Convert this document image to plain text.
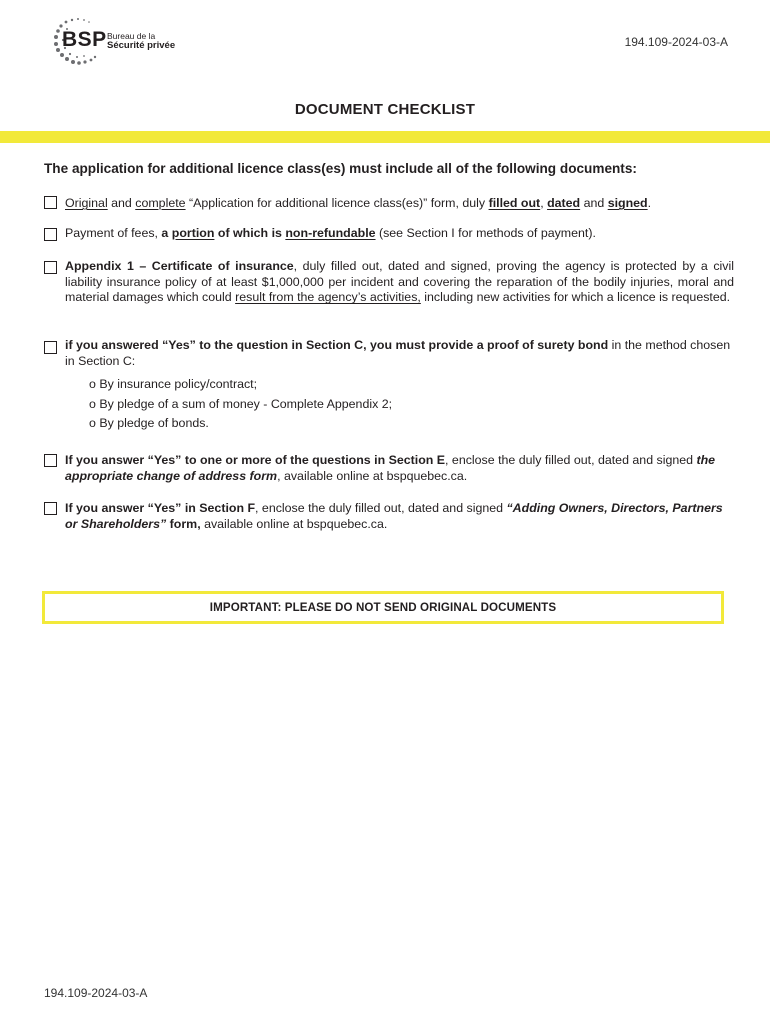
BSP Bureau de la
Sécurité privée	194.109-2024-03-A
DOCUMENT CHECKLIST
The application for additional licence class(es) must include all of the following documents:
Original and complete “Application for additional licence class(es)” form, duly filled out, dated and signed.
Payment of fees, a portion of which is non-refundable (see Section I for methods of payment).
Appendix 1 – Certificate of insurance, duly filled out, dated and signed, proving the agency is protected by a civil liability insurance policy of at least $1,000,000 per incident and covering the reparation of the bodily injuries, moral and material damages which could result from the agency’s activities, including new activities for which a licence is requested.
if you answered “Yes” to the question in Section C, you must provide a proof of surety bond in the method chosen in Section C:
o By insurance policy/contract;
o By pledge of a sum of money - Complete Appendix 2;
o By pledge of bonds.
If you answer “Yes” to one or more of the questions in Section E, enclose the duly filled out, dated and signed the appropriate change of address form, available online at bspquebec.ca.
If you answer “Yes” in Section F, enclose the duly filled out, dated and signed “Adding Owners, Directors, Partners or Shareholders” form, available online at bspquebec.ca.
IMPORTANT: PLEASE DO NOT SEND ORIGINAL DOCUMENTS
194.109-2024-03-A
